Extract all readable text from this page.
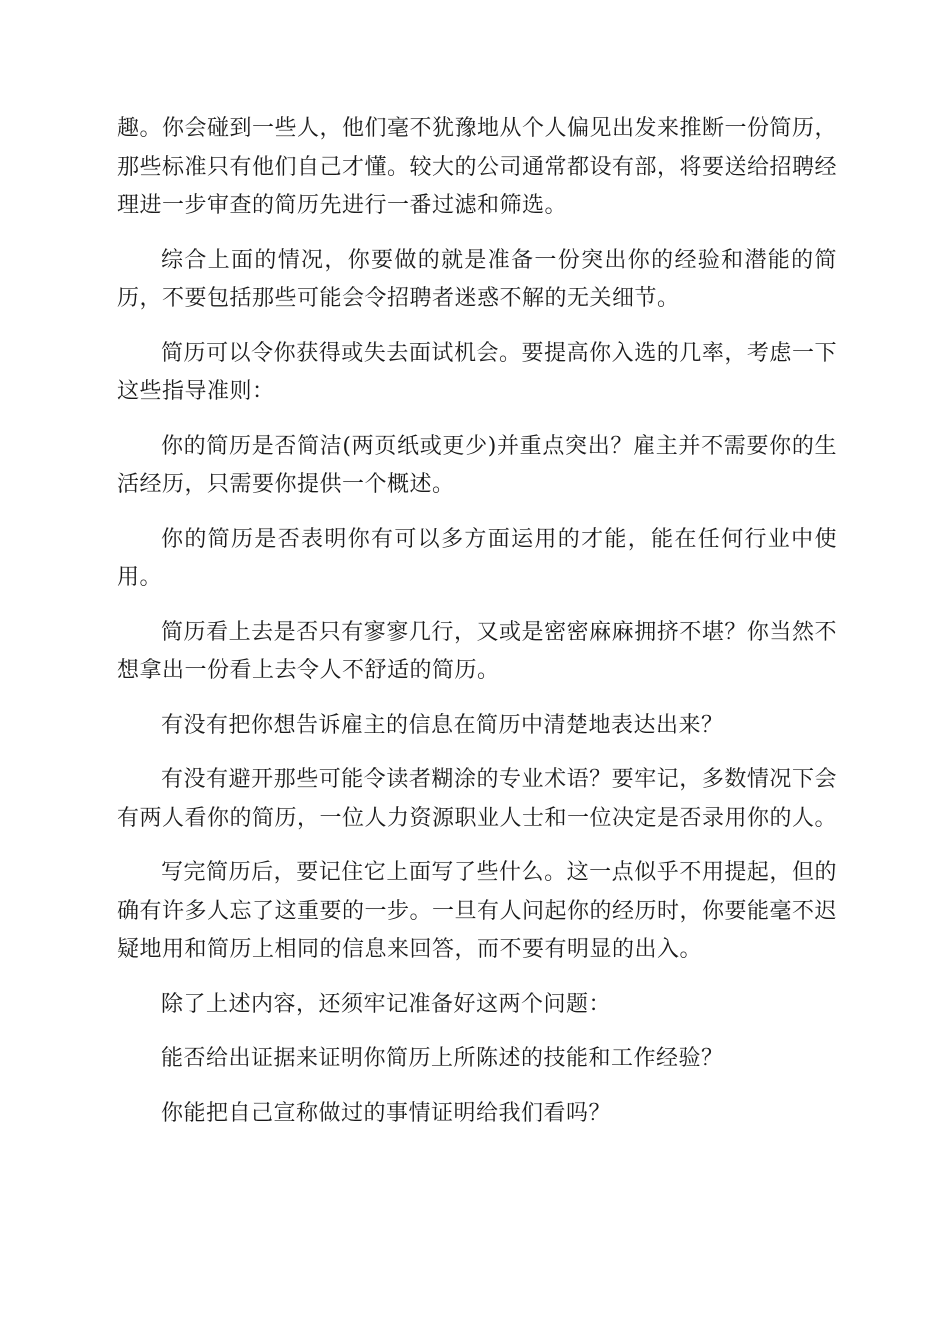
趣。你会碰到一些人，他们毫不犹豫地从个人偏见出发来推断一份简历，那些标准只有他们自己才懂。较大的公司通常都设有部，将要送给招聘经理进一步审查的简历先进行一番过滤和筛选。

综合上面的情况，你要做的就是准备一份突出你的经验和潜能的简历，不要包括那些可能会令招聘者迷惑不解的无关细节。

简历可以令你获得或失去面试机会。要提高你入选的几率，考虑一下这些指导准则：

你的简历是否简洁(两页纸或更少)并重点突出？雇主并不需要你的生活经历，只需要你提供一个概述。

你的简历是否表明你有可以多方面运用的才能，能在任何行业中使用。

简历看上去是否只有寥寥几行，又或是密密麻麻拥挤不堪？你当然不想拿出一份看上去令人不舒适的简历。

有没有把你想告诉雇主的信息在简历中清楚地表达出来？

有没有避开那些可能令读者糊涂的专业术语？要牢记，多数情况下会有两人看你的简历，一位人力资源职业人士和一位决定是否录用你的人。

写完简历后，要记住它上面写了些什么。这一点似乎不用提起，但的确有许多人忘了这重要的一步。一旦有人问起你的经历时，你要能毫不迟疑地用和简历上相同的信息来回答，而不要有明显的出入。

除了上述内容，还须牢记准备好这两个问题：

能否给出证据来证明你简历上所陈述的技能和工作经验？

你能把自己宣称做过的事情证明给我们看吗？
